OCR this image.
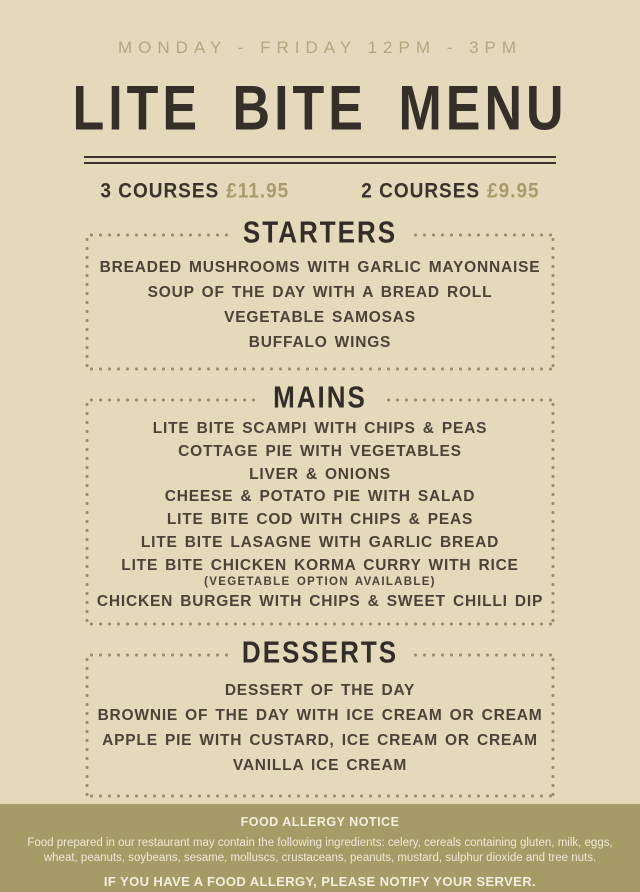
MONDAY - FRIDAY 12PM - 3PM
LITE BITE MENU
3 COURSES £11.95	2 COURSES £9.95
STARTERS
BREADED MUSHROOMS WITH GARLIC MAYONNAISE
SOUP OF THE DAY WITH A BREAD ROLL
VEGETABLE SAMOSAS
BUFFALO WINGS
MAINS
LITE BITE SCAMPI WITH CHIPS & PEAS
COTTAGE PIE WITH VEGETABLES
LIVER & ONIONS
CHEESE & POTATO PIE WITH SALAD
LITE BITE COD WITH CHIPS & PEAS
LITE BITE LASAGNE WITH GARLIC BREAD
LITE BITE CHICKEN KORMA CURRY WITH RICE
(VEGETABLE OPTION AVAILABLE)
CHICKEN BURGER WITH CHIPS & SWEET CHILLI DIP
DESSERTS
DESSERT OF THE DAY
BROWNIE OF THE DAY WITH ICE CREAM OR CREAM
APPLE PIE WITH CUSTARD, ICE CREAM OR CREAM
VANILLA ICE CREAM
FOOD ALLERGY NOTICE
Food prepared in our restaurant may contain the following ingredients: celery, cereals containing gluten, milk, eggs, wheat, peanuts, soybeans, sesame, molluscs, crustaceans, peanuts, mustard, sulphur dioxide and tree nuts.
IF YOU HAVE A FOOD ALLERGY, PLEASE NOTIFY YOUR SERVER.
